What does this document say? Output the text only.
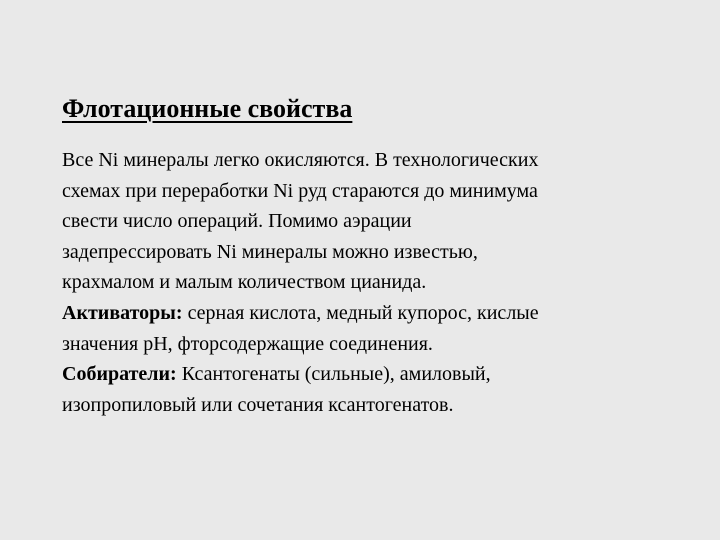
Флотационные свойства
Все Ni минералы легко окисляются. В технологических
схемах при переработки Ni руд стараются до минимума
свести число операций. Помимо аэрации
задепрессировать Ni минералы можно известью,
крахмалом и малым количеством цианида.
Активаторы: серная кислота, медный купорос, кислые
значения pH, фторсодержащие соединения.
Собиратели: Ксантогенаты (сильные), амиловый,
изопропиловый или сочетания ксантогенатов.
